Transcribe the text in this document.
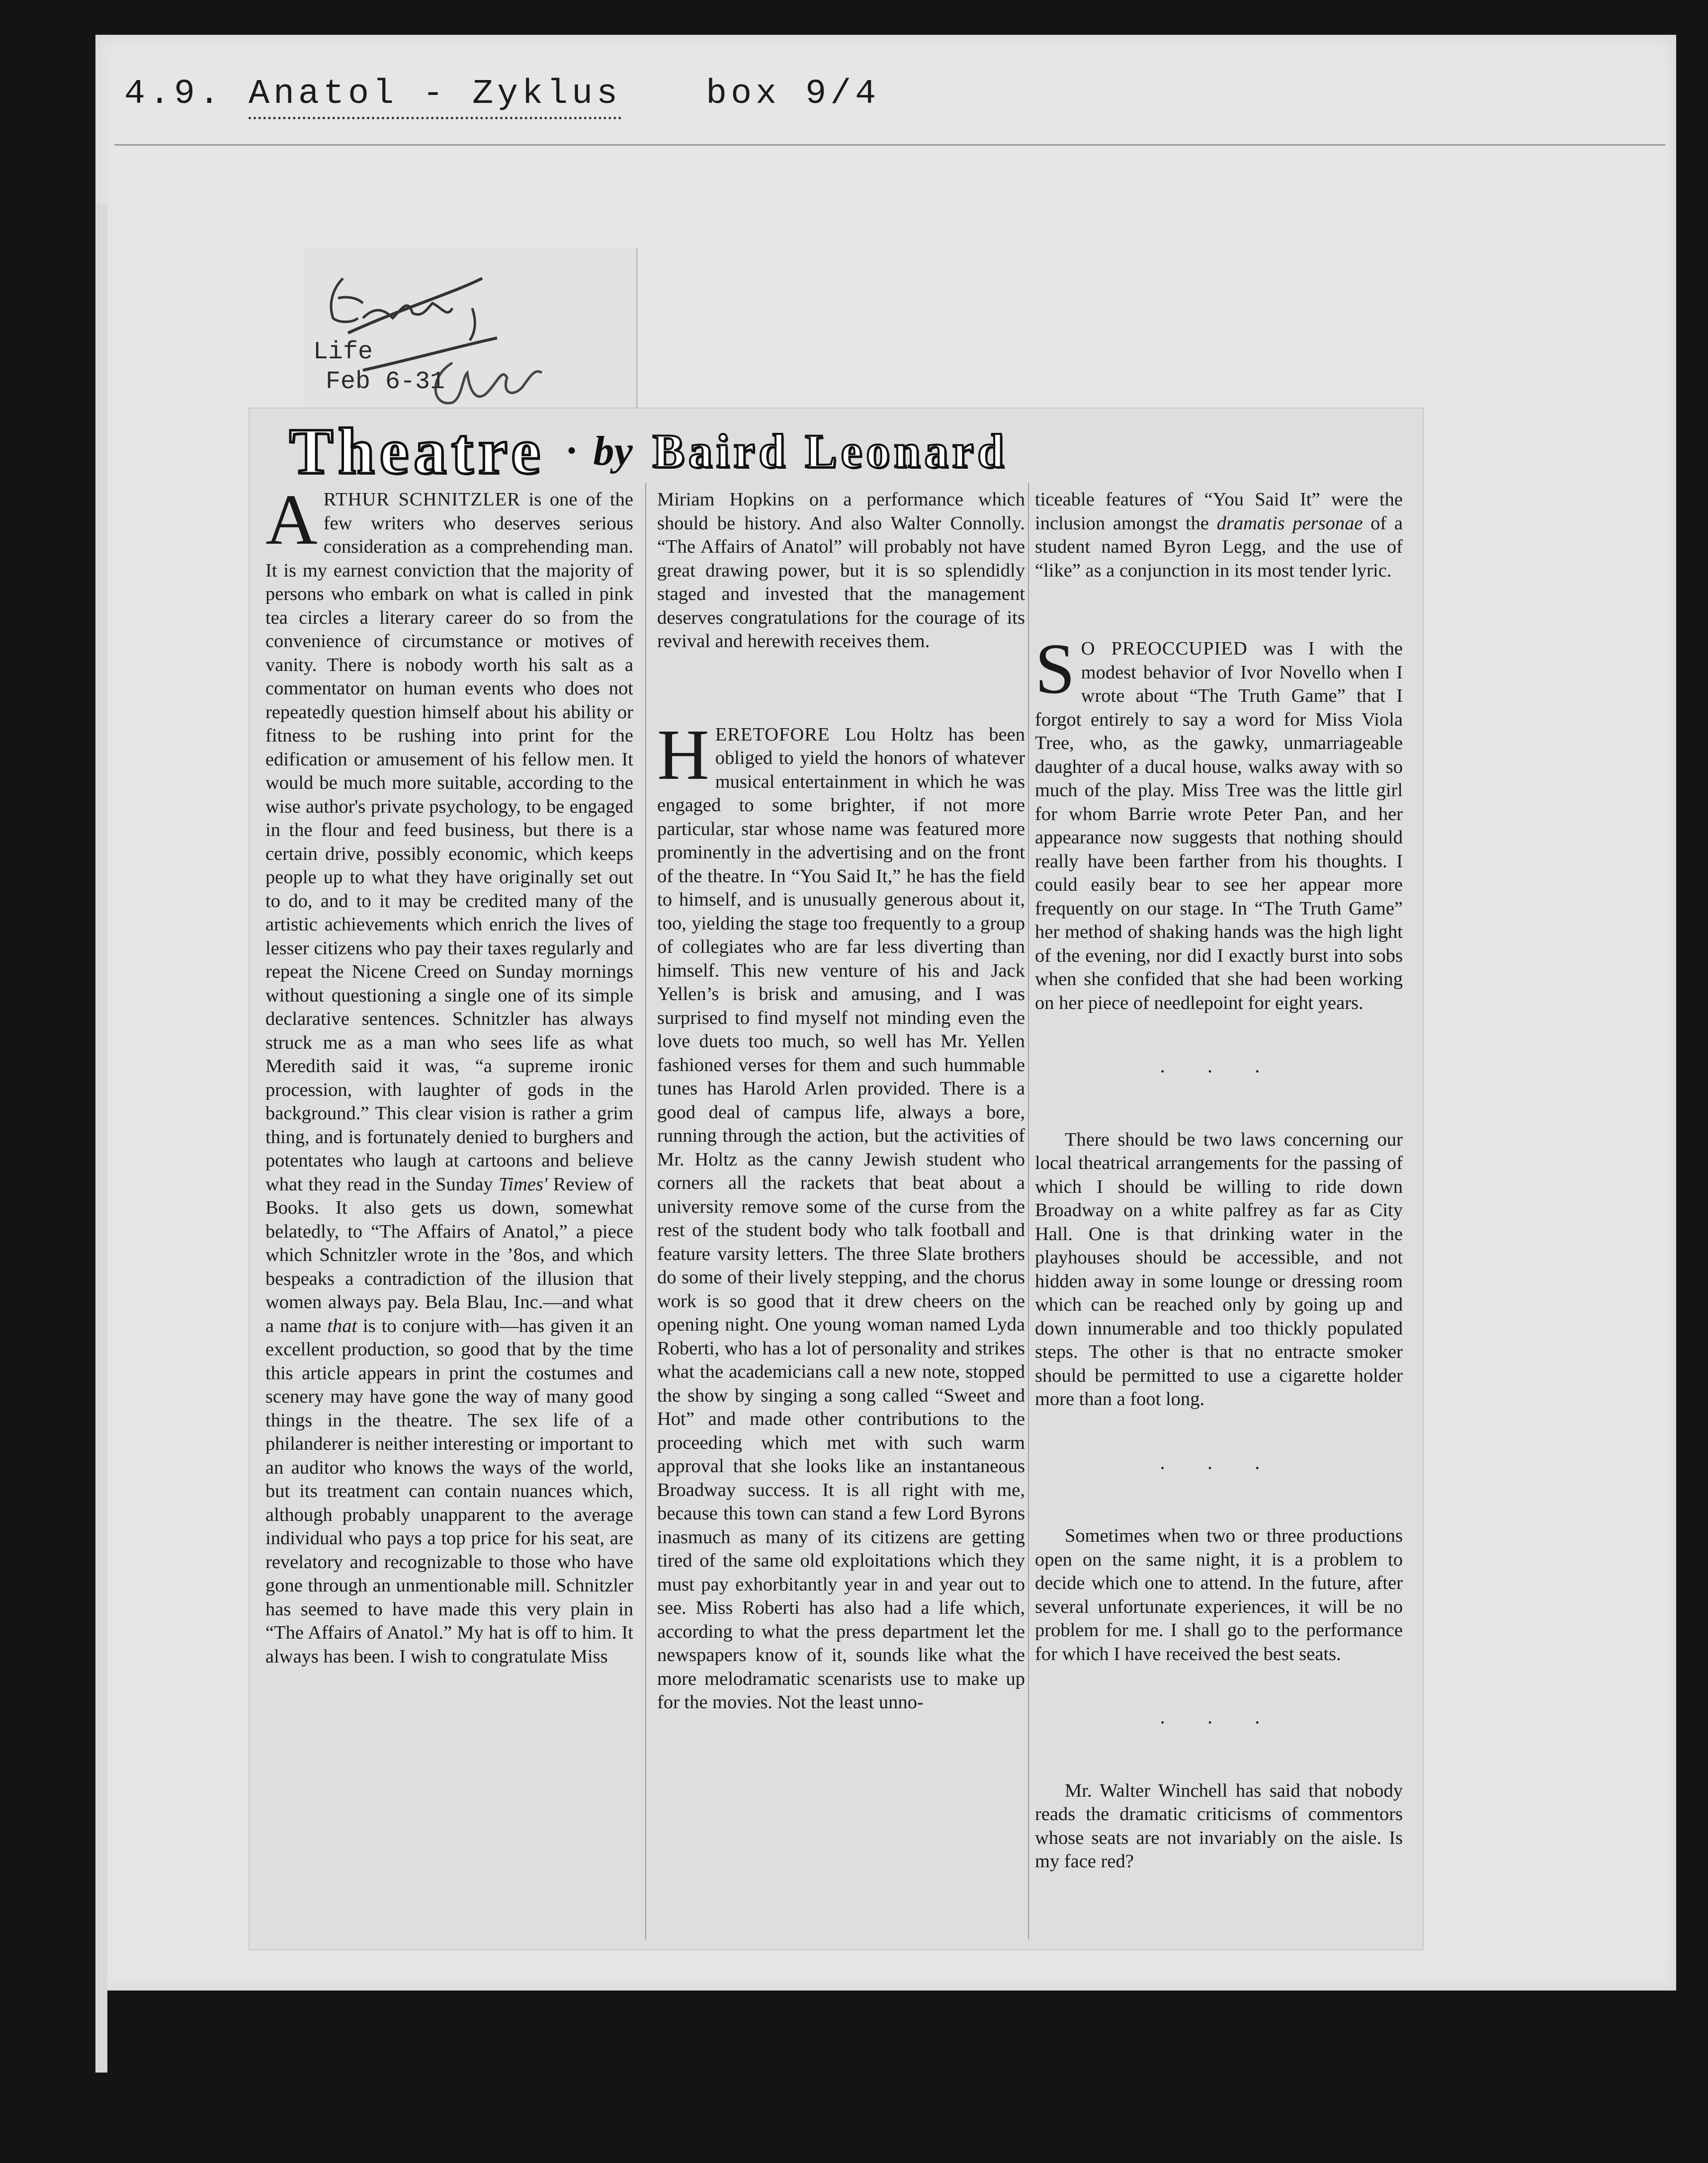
4.9. Anatol - Zyklus box 9/4
Life
Feb 6-31
Theatre · by Baird Leonard

ARTHUR SCHNITZLER is one of the few writers who deserves serious consideration as a comprehending man. It is my earnest conviction that the majority of persons who embark on what is called in pink tea circles a literary career do so from the convenience of circumstance or motives of vanity. There is nobody worth his salt as a commentator on human events who does not repeatedly question himself about his ability or fitness to be rushing into print for the edification or amusement of his fellow men. It would be much more suitable, according to the wise author's private psychology, to be engaged in the flour and feed business, but there is a certain drive, possibly economic, which keeps people up to what they have originally set out to do, and to it may be credited many of the artistic achievements which enrich the lives of lesser citizens who pay their taxes regularly and repeat the Nicene Creed on Sunday mornings without questioning a single one of its simple declarative sentences. Schnitzler has always struck me as a man who sees life as what Meredith said it was, “a supreme ironic procession, with laughter of gods in the background.” This clear vision is rather a grim thing, and is fortunately denied to burghers and potentates who laugh at cartoons and believe what they read in the Sunday Times' Review of Books. It also gets us down, somewhat belatedly, to “The Affairs of Anatol,” a piece which Schnitzler wrote in the ’8os, and which bespeaks a contradiction of the illusion that women always pay. Bela Blau, Inc.—and what a name that is to conjure with—has given it an excellent production, so good that by the time this article appears in print the costumes and scenery may have gone the way of many good things in the theatre. The sex life of a philanderer is neither interesting or important to an auditor who knows the ways of the world, but its treatment can contain nuances which, although probably unapparent to the average individual who pays a top price for his seat, are revelatory and recognizable to those who have gone through an unmentionable mill. Schnitzler has seemed to have made this very plain in “The Affairs of Anatol.” My hat is off to him. It always has been. I wish to congratulate Miss

Miriam Hopkins on a performance which should be history. And also Walter Connolly. “The Affairs of Anatol” will probably not have great drawing power, but it is so splendidly staged and invested that the management deserves congratulations for the courage of its revival and herewith receives them.

HERETOFORE Lou Holtz has been obliged to yield the honors of whatever musical entertainment in which he was engaged to some brighter, if not more particular, star whose name was featured more prominently in the advertising and on the front of the theatre. In “You Said It,” he has the field to himself, and is unusually generous about it, too, yielding the stage too frequently to a group of collegiates who are far less diverting than himself. This new venture of his and Jack Yellen’s is brisk and amusing, and I was surprised to find myself not minding even the love duets too much, so well has Mr. Yellen fashioned verses for them and such hummable tunes has Harold Arlen provided. There is a good deal of campus life, always a bore, running through the action, but the activities of Mr. Holtz as the canny Jewish student who corners all the rackets that beat about a university remove some of the curse from the rest of the student body who talk football and feature varsity letters. The three Slate brothers do some of their lively stepping, and the chorus work is so good that it drew cheers on the opening night. One young woman named Lyda Roberti, who has a lot of personality and strikes what the academicians call a new note, stopped the show by singing a song called “Sweet and Hot” and made other contributions to the proceeding which met with such warm approval that she looks like an instantaneous Broadway success. It is all right with me, because this town can stand a few Lord Byrons inasmuch as many of its citizens are getting tired of the same old exploitations which they must pay exhorbitantly year in and year out to see. Miss Roberti has also had a life which, according to what the press department let the newspapers know of it, sounds like what the more melodramatic scenarists use to make up for the movies. Not the least unno-

ticeable features of “You Said It” were the inclusion amongst the dramatis personae of a student named Byron Legg, and the use of “like” as a conjunction in its most tender lyric.

S O PREOCCUPIED was I with the modest behavior of Ivor Novello when I wrote about “The Truth Game” that I forgot entirely to say a word for Miss Viola Tree, who, as the gawky, unmarriageable daughter of a ducal house, walks away with so much of the play. Miss Tree was the little girl for whom Barrie wrote Peter Pan, and her appearance now suggests that nothing should really have been farther from his thoughts. I could easily bear to see her appear more frequently on our stage. In “The Truth Game” her method of shaking hands was the high light of the evening, nor did I exactly burst into sobs when she confided that she had been working on her piece of needlepoint for eight years.

· · ·

There should be two laws concerning our local theatrical arrangements for the passing of which I should be willing to ride down Broadway on a white palfrey as far as City Hall. One is that drinking water in the playhouses should be accessible, and not hidden away in some lounge or dressing room which can be reached only by going up and down innumerable and too thickly populated steps. The other is that no entracte smoker should be permitted to use a cigarette holder more than a foot long.

· · ·

Sometimes when two or three productions open on the same night, it is a problem to decide which one to attend. In the future, after several unfortunate experiences, it will be no problem for me. I shall go to the performance for which I have received the best seats.

· · ·

Mr. Walter Winchell has said that nobody reads the dramatic criticisms of commentors whose seats are not invariably on the aisle. Is my face red?
